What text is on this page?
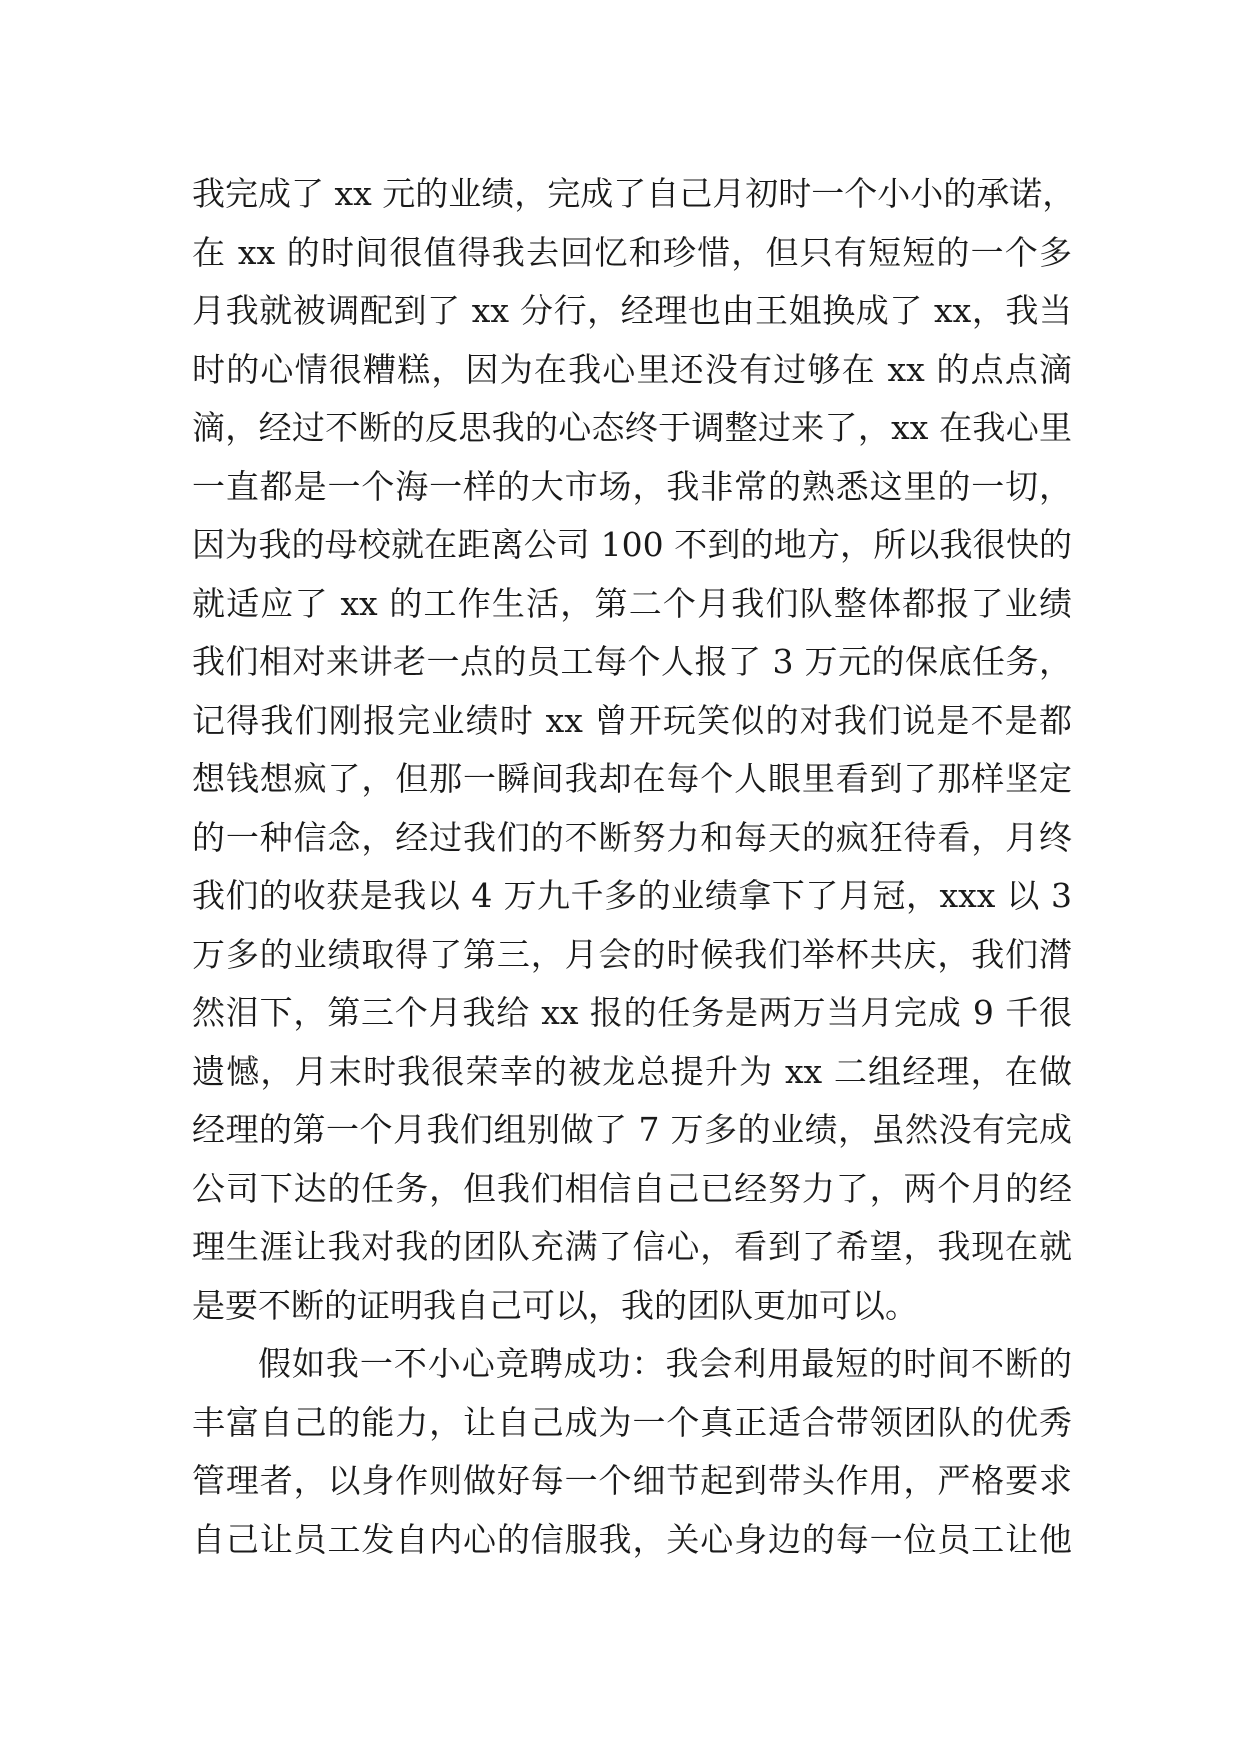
我完成了 xx 元的业绩，完成了自己月初时一个小小的承诺，
在 xx 的时间很值得我去回忆和珍惜，但只有短短的一个多
月我就被调配到了 xx 分行，经理也由王姐换成了 xx，我当
时的心情很糟糕，因为在我心里还没有过够在 xx 的点点滴
滴，经过不断的反思我的心态终于调整过来了，xx 在我心里
一直都是一个海一样的大市场，我非常的熟悉这里的一切，
因为我的母校就在距离公司 100 不到的地方，所以我很快的
就适应了 xx 的工作生活，第二个月我们队整体都报了业绩
我们相对来讲老一点的员工每个人报了 3 万元的保底任务，
记得我们刚报完业绩时 xx 曾开玩笑似的对我们说是不是都
想钱想疯了，但那一瞬间我却在每个人眼里看到了那样坚定
的一种信念，经过我们的不断努力和每天的疯狂待看，月终
我们的收获是我以 4 万九千多的业绩拿下了月冠，xxx 以 3
万多的业绩取得了第三，月会的时候我们举杯共庆，我们潸
然泪下，第三个月我给 xx 报的任务是两万当月完成 9 千很
遗憾，月末时我很荣幸的被龙总提升为 xx 二组经理，在做
经理的第一个月我们组别做了 7 万多的业绩，虽然没有完成
公司下达的任务，但我们相信自己已经努力了，两个月的经
理生涯让我对我的团队充满了信心，看到了希望，我现在就
是要不断的证明我自己可以，我的团队更加可以。
假如我一不小心竞聘成功：我会利用最短的时间不断的
丰富自己的能力，让自己成为一个真正适合带领团队的优秀
管理者，以身作则做好每一个细节起到带头作用，严格要求
自己让员工发自内心的信服我，关心身边的每一位员工让他
